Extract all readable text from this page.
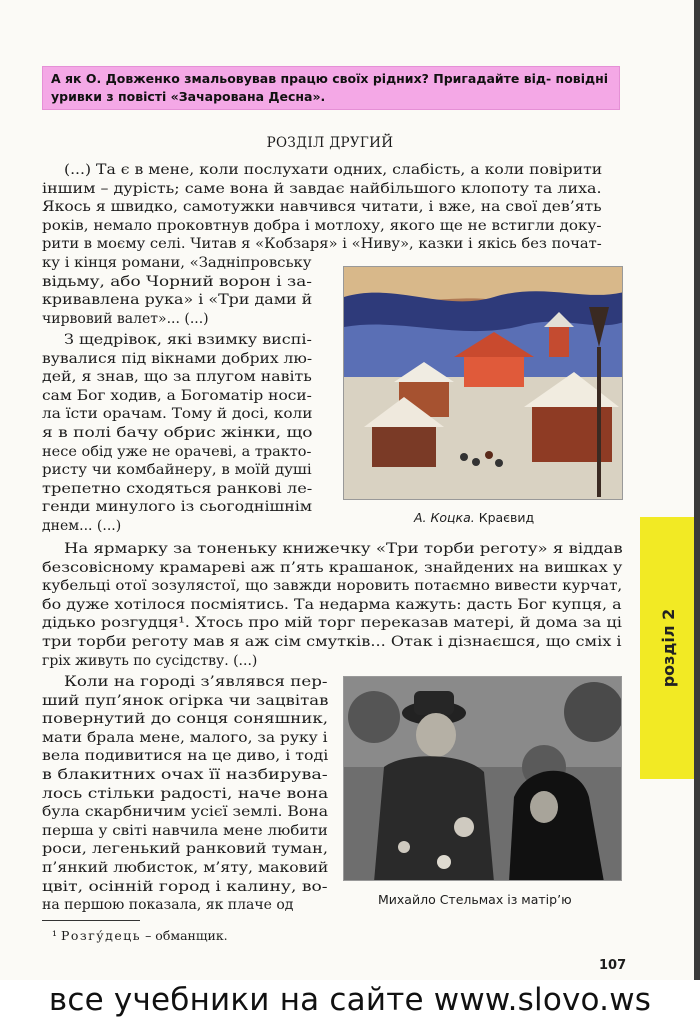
А як О. Довженко змальовував працю своїх рідних? Пригадайте від- повідні уривки з повісті «Зачарована Десна».
РОЗДІЛ ДРУГИЙ
(...) Та є в мене, коли послухати одних, слабість, а коли повірити
іншим – дурість; саме вона й завдає найбільшого клопоту та лиха.
Якось я швидко, самотужки навчився читати, і вже, на свої дев’ять
років, немало проковтнув добра і мотлоху, якого ще не встигли доку-
рити в моєму селі. Читав я «Кобзаря» і «Ниву», казки і якісь без почат-
ку і кінця романи, «Задніпровську
відьму, або Чорний ворон і за-
кривавлена рука» і «Три дами й
чирвовий валет»... (...)
З щедрівок, які взимку виспі-
вувалися під вікнами добрих лю-
дей, я знав, що за плугом навіть
сам Бог ходив, а Богоматір носи-
ла їсти орачам. Тому й досі, коли
я в полі бачу обрис жінки, що
несе обід уже не орачеві, а тракто-
ристу чи комбайнеру, в моїй душі
трепетно сходяться ранкові ле-
генди минулого із сьогоднішнім
днем... (...)
На ярмарку за тоненьку книжечку «Три торби реготу» я віддав
безсовісному крамареві аж п’ять крашанок, знайдених на вишках у
кубельці отої зозулястої, що завжди норовить потаємно вивести курчат,
бо дуже хотілося посміятись. Та недарма кажуть: дасть Бог купця, а
дідько розгудця¹. Хтось про мій торг переказав матері, й дома за ці
три торби реготу мав я аж сім смутків... Отак і дізнаєшся, що сміх і
гріх живуть по сусідству. (...)
Коли на городі з’являвся пер-
ший пуп’янок огірка чи зацвітав
повернутий до сонця соняшник,
мати брала мене, малого, за руку і
вела подивитися на це диво, і тоді
в блакитних очах її назбирува-
лось стільки радості, наче вона
була скарбничим усієї землі. Вона
перша у світі навчила мене любити
роси, легенький ранковий туман,
п’янкий любисток, м’яту, маковий
цвіт, осінній город і калину, во-
на першою показала, як плаче од
А. Коцка. Краєвид
Михайло Стельмах із матір’ю
розділ 2
¹ Розгу́дець – обманщик.
107
все учебники на сайте www.slovo.ws
